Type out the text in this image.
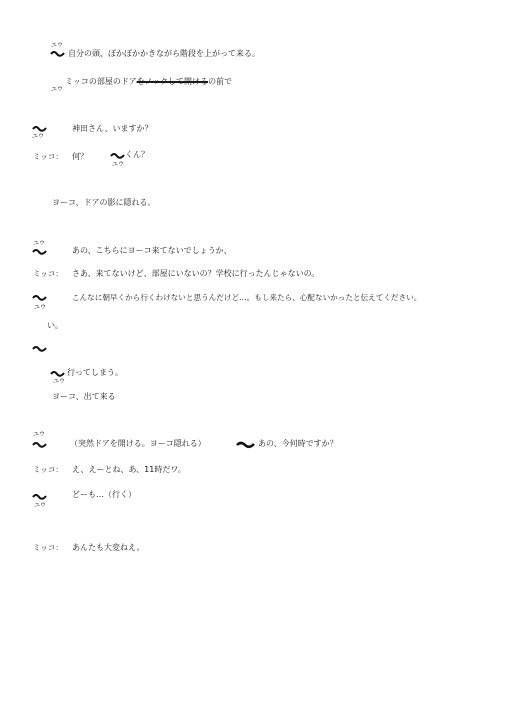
ユウ
自分の頭、ぽかぽかかきながら階段を上がって来る。
ミッコの部屋のドアをノックして開けるの前で
ユウ
ユウ
神田さん、いますか？
ミッコ： 何？	くん？
ユウ
ヨーコ、ドアの影に隠れる。
ユウ
あの、こちらにヨーコ来てないでしょうか、
ミッコ： さあ、来てないけど、部屋にいないの？学校に行ったんじゃないの。
ユウ
こんなに朝早くから行くわけないと思うんだけど…。もし来たら、心配ないかったと伝えてください。
い。
ユウ
行ってしまう。
ヨーコ、出て来る
ユウ
（突然ドアを開ける。ヨーコ隠れる）	あの、今何時ですか？
ミッコ： え、えーとね、あ、11時だワ。
ユウ
どーも…（行く）
ミッコ： あんたも大変ねえ。
